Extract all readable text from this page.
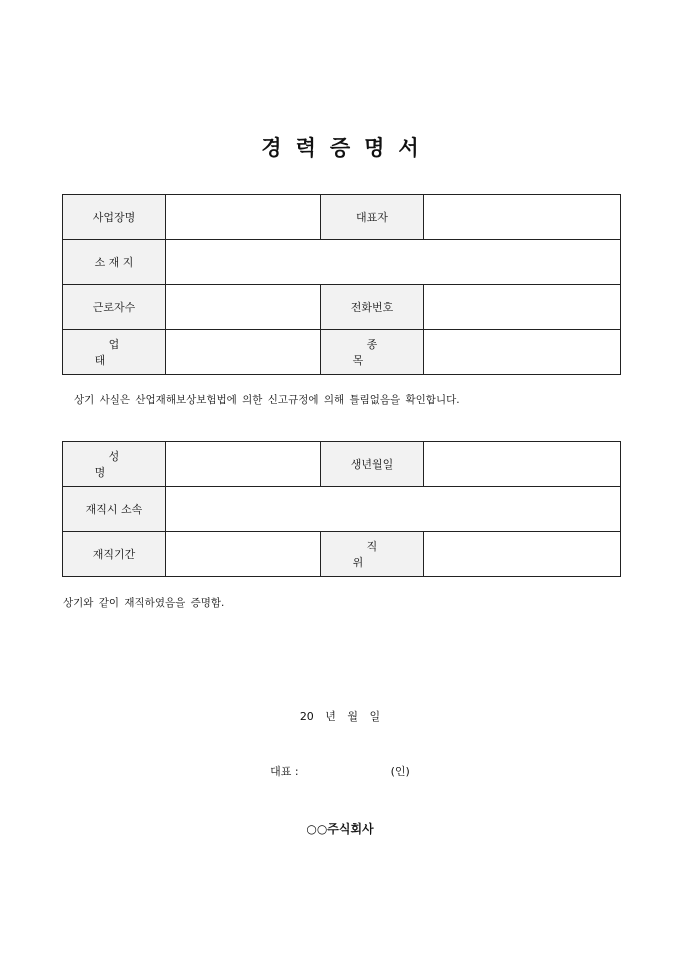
경력증명서
사업장명		대표자	
소 재 지			
근로자수		전화번호	
업태		종목	
상기 사실은 산업재해보상보험법에 의한 신고규정에 의해 틀림없음을 확인합니다.
성명		생년월일	
재직시 소속			
재직기간		직위	
상기와 같이 재직하였음을 증명함.
20 년 월 일
대표 :	(인)
○○주식회사
